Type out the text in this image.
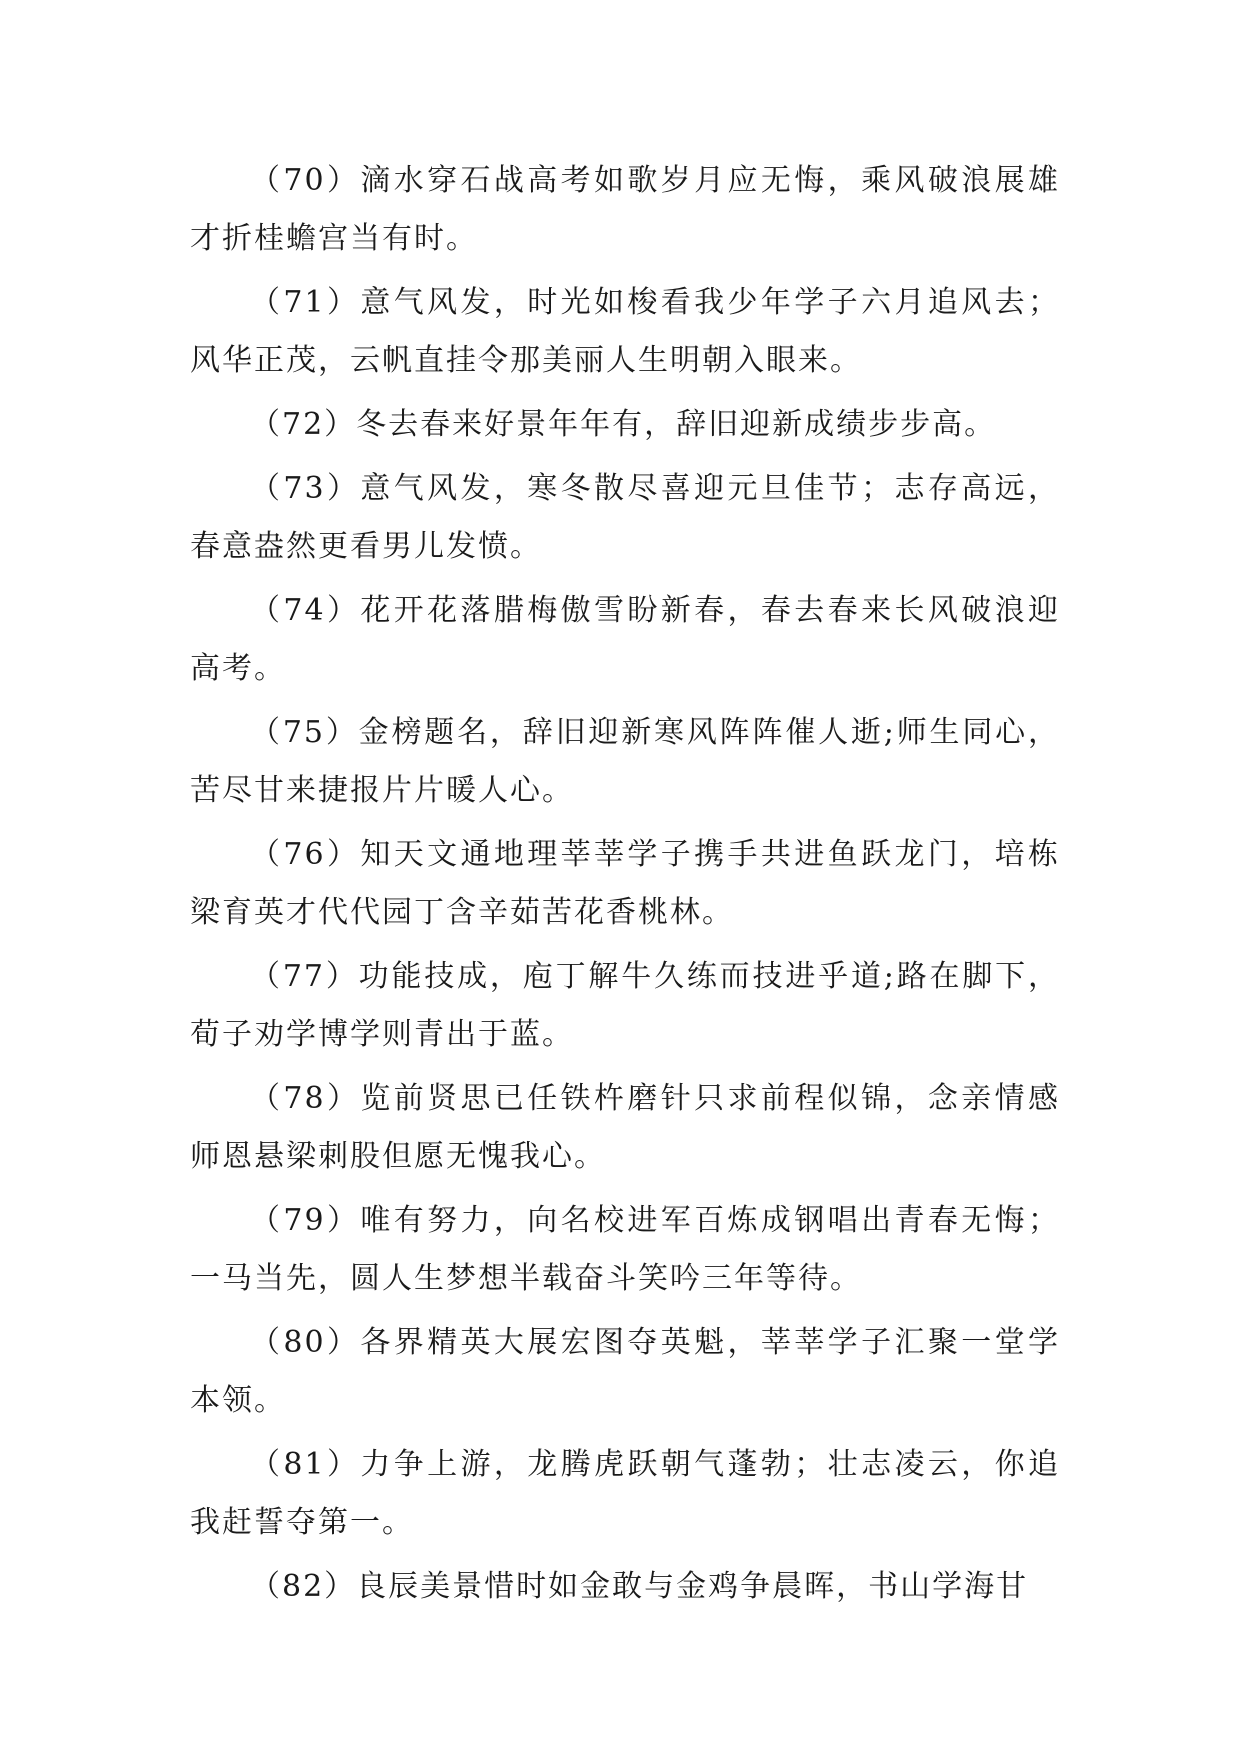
（70）滴水穿石战高考如歌岁月应无悔，乘风破浪展雄才折桂蟾宫当有时。

（71）意气风发，时光如梭看我少年学子六月追风去；风华正茂，云帆直挂令那美丽人生明朝入眼来。

（72）冬去春来好景年年有，辞旧迎新成绩步步高。

（73）意气风发，寒冬散尽喜迎元旦佳节；志存高远，春意盎然更看男儿发愤。

（74）花开花落腊梅傲雪盼新春，春去春来长风破浪迎高考。

（75）金榜题名，辞旧迎新寒风阵阵催人逝;师生同心，苦尽甘来捷报片片暖人心。

（76）知天文通地理莘莘学子携手共进鱼跃龙门，培栋梁育英才代代园丁含辛茹苦花香桃林。

（77）功能技成，庖丁解牛久练而技进乎道;路在脚下，荀子劝学博学则青出于蓝。

（78）览前贤思已任铁杵磨针只求前程似锦，念亲情感师恩悬梁刺股但愿无愧我心。

（79）唯有努力，向名校进军百炼成钢唱出青春无悔；一马当先，圆人生梦想半载奋斗笑吟三年等待。

（80）各界精英大展宏图夺英魁，莘莘学子汇聚一堂学本领。

（81）力争上游，龙腾虎跃朝气蓬勃；壮志凌云，你追我赶誓夺第一。

（82）良辰美景惜时如金敢与金鸡争晨晖，书山学海甘
